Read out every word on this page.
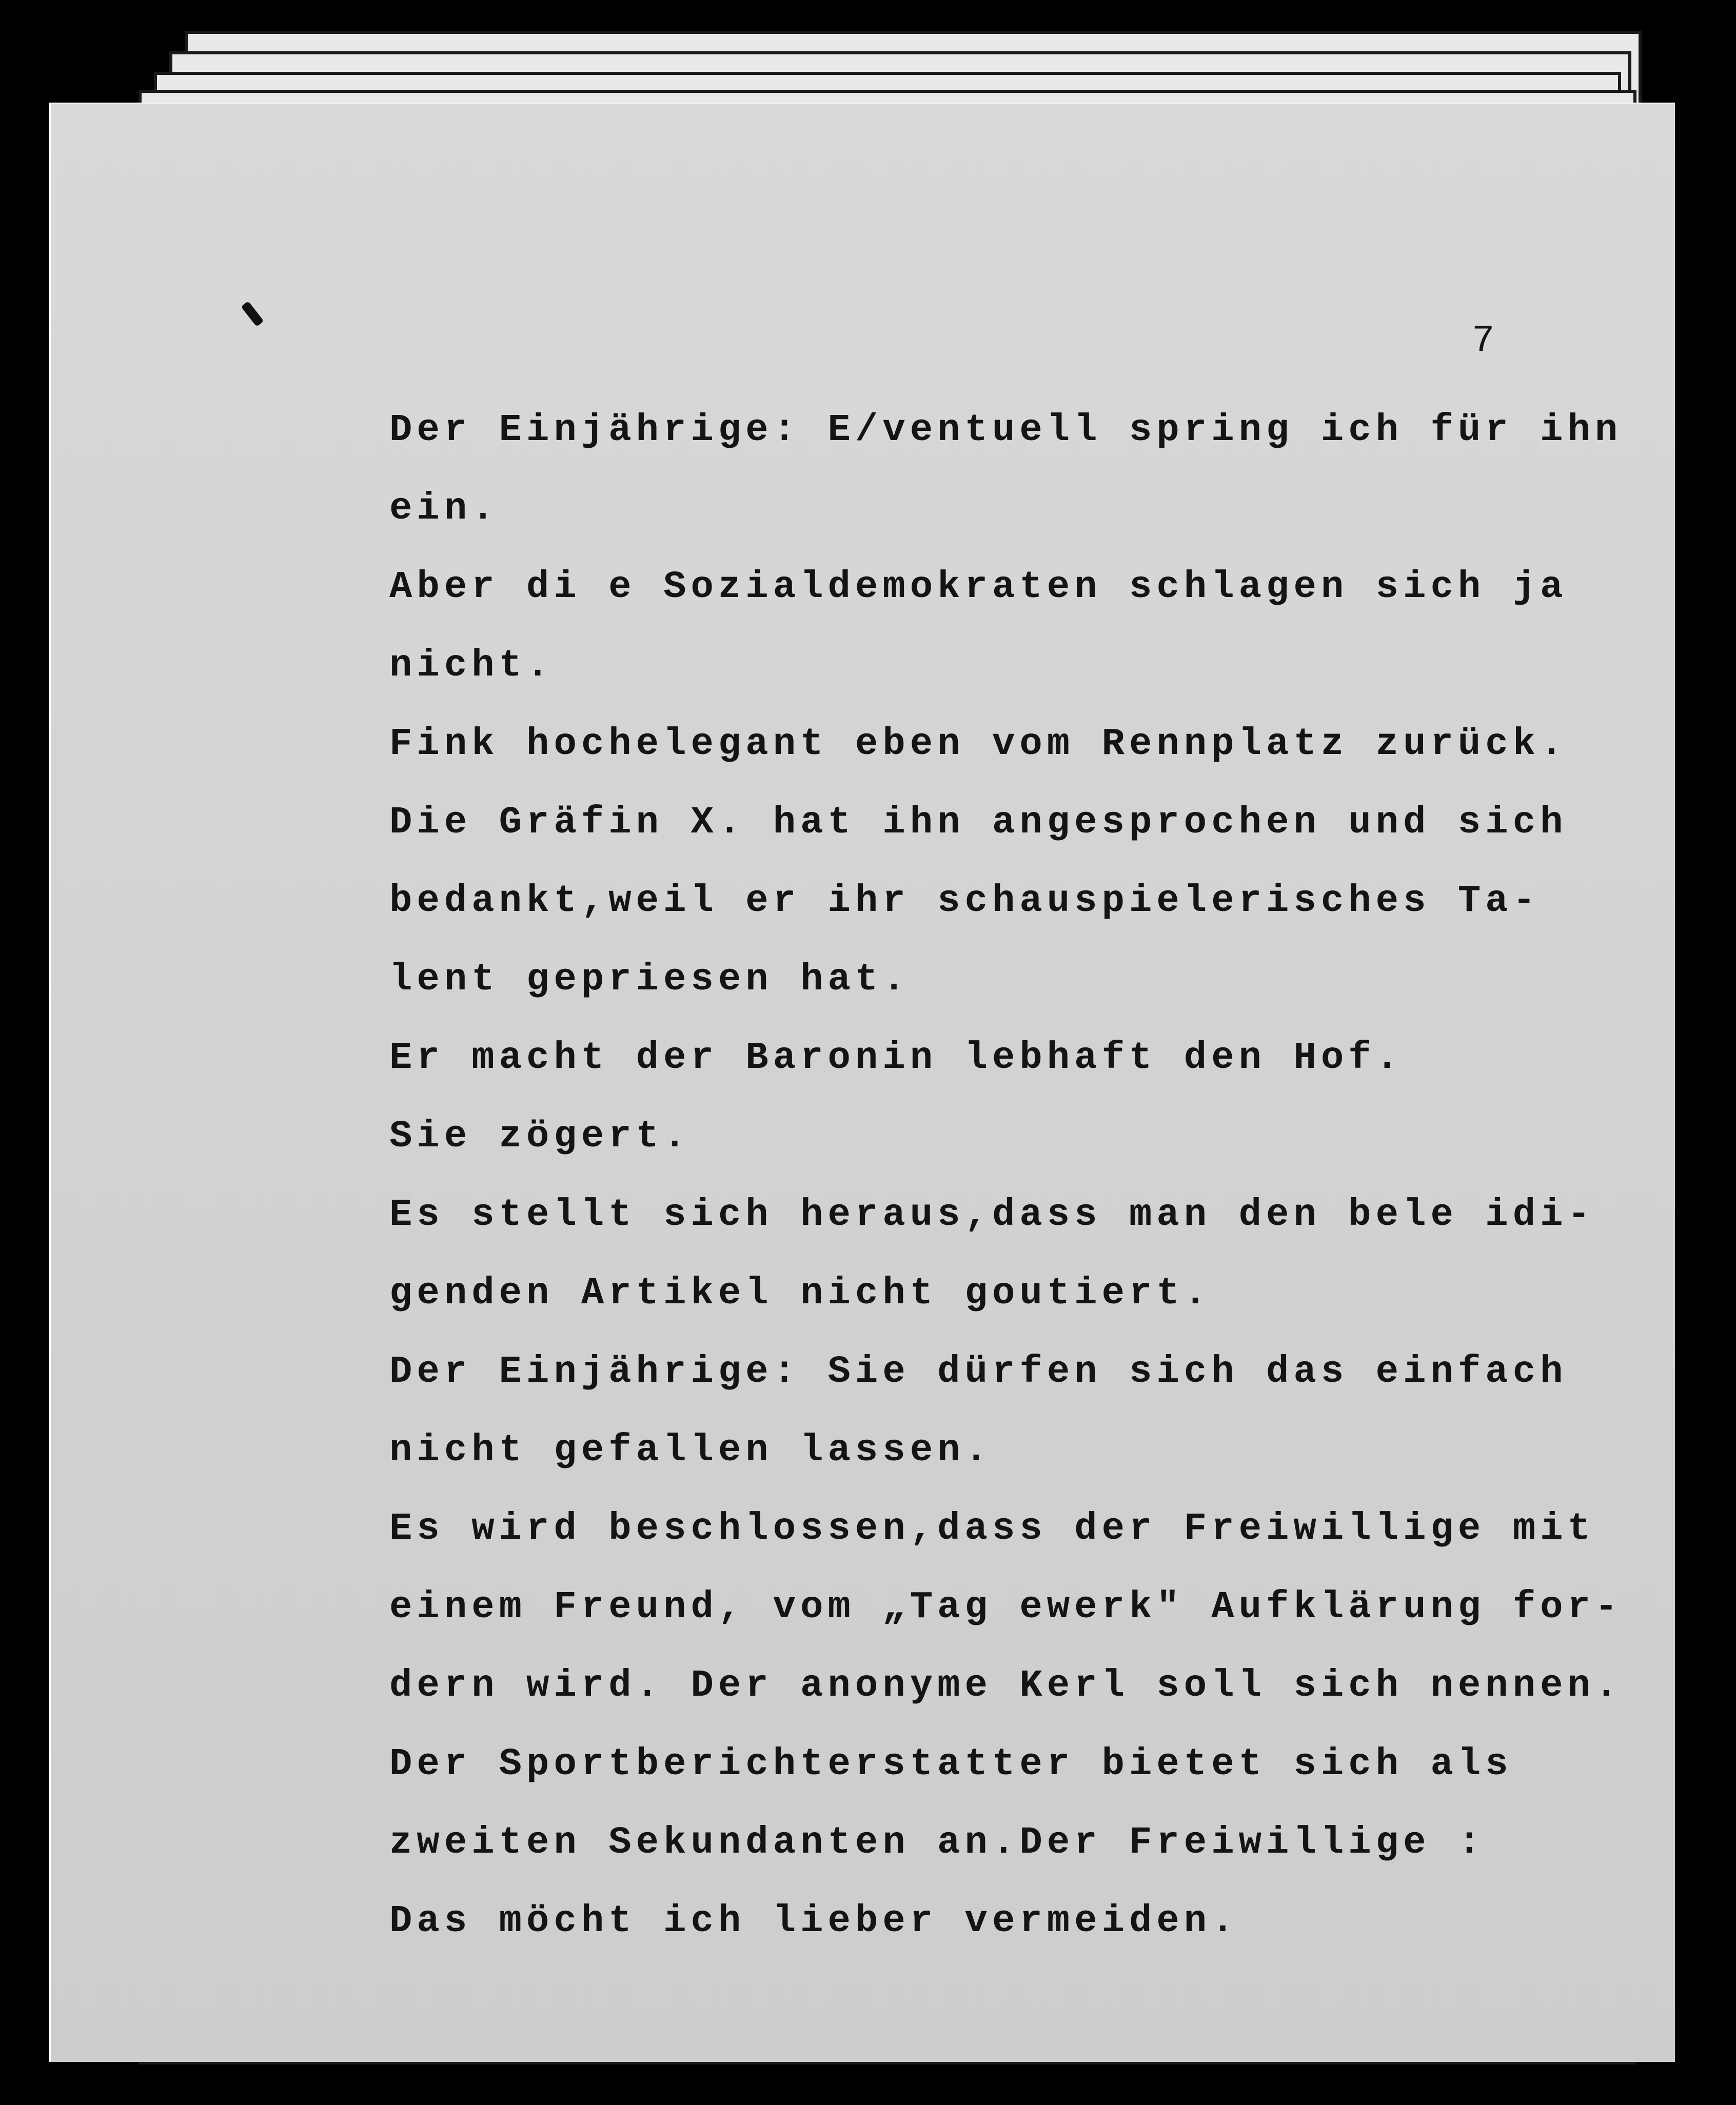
7

Der Einjährige: E/ventuell spring ich für ihn
ein.
Aber di e Sozialdemokraten schlagen sich ja
nicht.
Fink hochelegant eben vom Rennplatz zurück.
Die Gräfin X. hat ihn angesprochen und sich
bedankt,weil er ihr schauspielerisches Ta-
lent gepriesen hat.
Er macht der Baronin lebhaft den Hof.
Sie zögert.
Es stellt sich heraus,dass man den bele idi-
genden Artikel nicht goutiert.
Der Einjährige: Sie dürfen sich das einfach
nicht gefallen lassen.
Es wird beschlossen,dass der Freiwillige mit
einem Freund, vom „Tag ewerk" Aufklärung for-
dern wird. Der anonyme Kerl soll sich nennen.
Der Sportberichterstatter bietet sich als
zweiten Sekundanten an.Der Freiwillige :
Das möcht ich lieber vermeiden.
